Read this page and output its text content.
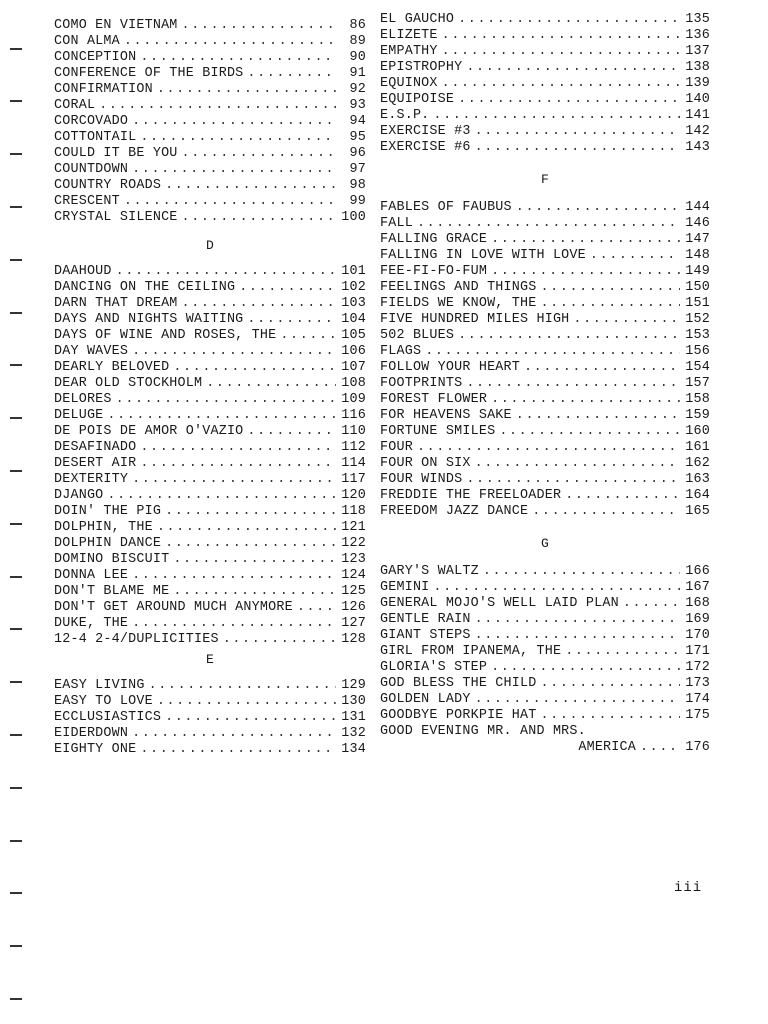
COMO EN VIETNAM . . .	86
CON ALMA . . .	89
CONCEPTION . . .	90
CONFERENCE OF THE BIRDS . . .	91
CONFIRMATION . . .	92
CORAL . . .	93
CORCOVADO . . .	94
COTTONTAIL . . .	95
COULD IT BE YOU . . .	96
COUNTDOWN . . .	97
COUNTRY ROADS . . .	98
CRESCENT . . .	99
CRYSTAL SILENCE . . .	100
D
DAAHOUD . . .	101
DANCING ON THE CEILING . . .	102
DARN THAT DREAM . . .	103
DAYS AND NIGHTS WAITING . . .	104
DAYS OF WINE AND ROSES, THE . . .	105
DAY WAVES . . .	106
DEARLY BELOVED . . .	107
DEAR OLD STOCKHOLM . . .	108
DELORES . . .	109
DELUGE . . .	116
DE POIS DE AMOR O'VAZIO . . .	110
DESAFINADO . . .	112
DESERT AIR . . .	114
DEXTERITY . . .	117
DJANGO . . .	120
DOIN' THE PIG . . .	118
DOLPHIN, THE . . .	121
DOLPHIN DANCE . . .	122
DOMINO BISCUIT . . .	123
DONNA LEE . . .	124
DON'T BLAME ME . . .	125
DON'T GET AROUND MUCH ANYMORE . . .	126
DUKE, THE . . .	127
12-4 2-4/DUPLICITIES . . .	128
E
EASY LIVING . . .	129
EASY TO LOVE . . .	130
ECCLUSIASTICS . . .	131
EIDERDOWN . . .	132
EIGHTY ONE . . .	134
EL GAUCHO . . .	135
ELIZETE . . .	136
EMPATHY . . .	137
EPISTROPHY . . .	138
EQUINOX . . .	139
EQUIPOISE . . .	140
E.S.P. . . .	141
EXERCISE #3 . . .	142
EXERCISE #6 . . .	143
F
FABLES OF FAUBUS . . .	144
FALL . . .	146
FALLING GRACE . . .	147
FALLING IN LOVE WITH LOVE . . .	148
FEE-FI-FO-FUM . . .	149
FEELINGS AND THINGS . . .	150
FIELDS WE KNOW, THE . . .	151
FIVE HUNDRED MILES HIGH . . .	152
502 BLUES . . .	153
FLAGS . . .	156
FOLLOW YOUR HEART . . .	154
FOOTPRINTS . . .	157
FOREST FLOWER . . .	158
FOR HEAVENS SAKE . . .	159
FORTUNE SMILES . . .	160
FOUR . . .	161
FOUR ON SIX . . .	162
FOUR WINDS . . .	163
FREDDIE THE FREELOADER . . .	164
FREEDOM JAZZ DANCE . . .	165
G
GARY'S WALTZ . . .	166
GEMINI . . .	167
GENERAL MOJO'S WELL LAID PLAN . . .	168
GENTLE RAIN . . .	169
GIANT STEPS . . .	170
GIRL FROM IPANEMA, THE . . .	171
GLORIA'S STEP . . .	172
GOD BLESS THE CHILD . . .	173
GOLDEN LADY . . .	174
GOODBYE PORKPIE HAT . . .	175
GOOD EVENING MR. AND MRS.
AMERICA . . .	176
iii
